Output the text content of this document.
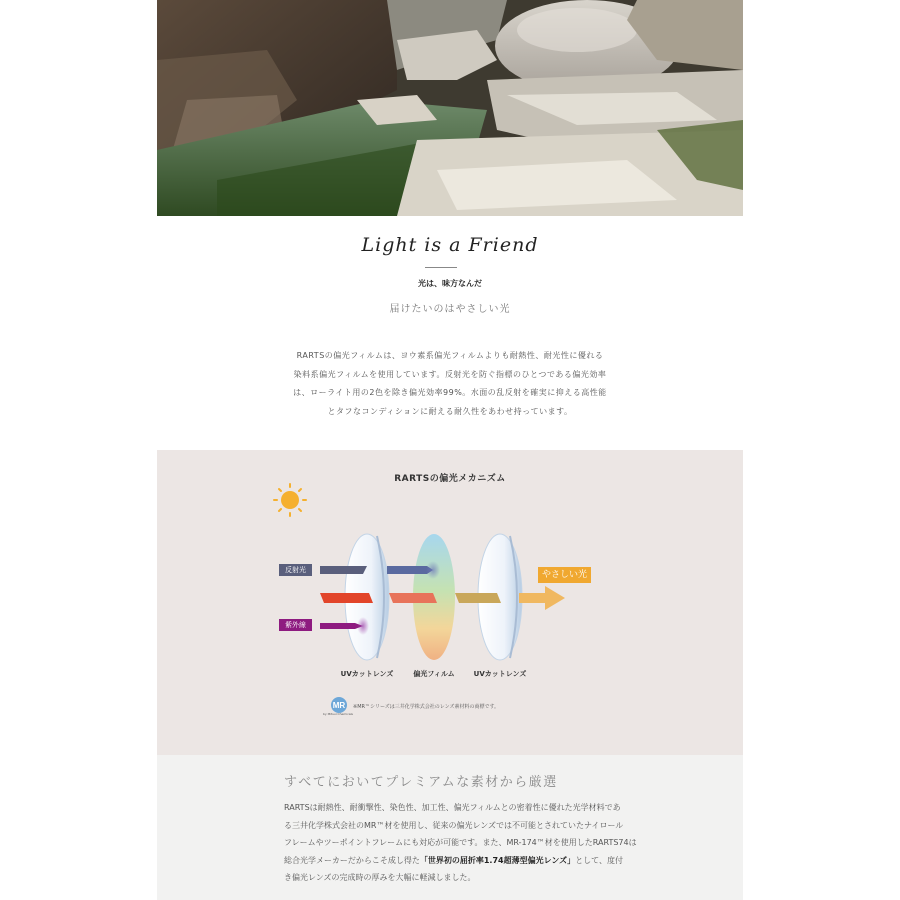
Light is a Friend
光は、味方なんだ
届けたいのはやさしい光
RARTSの偏光フィルムは、ヨウ素系偏光フィルムよりも耐熱性、耐光性に優れる
染料系偏光フィルムを使用しています。反射光を防ぐ指標のひとつである偏光効率
は、ローライト用の2色を除き偏光効率99%。水面の乱反射を確実に抑える高性能
とタフなコンディションに耐える耐久性をあわせ持っています。
RARTSの偏光メカニズム
反射光
紫外線
やさしい光
UVカットレンズ	偏光フィルム	UVカットレンズ
MR
by Mitsui Chemicals
※MR™シリーズは三井化学株式会社のレンズ素材料の商標です。
すべてにおいてプレミアムな素材から厳選
RARTSは耐熱性、耐衝撃性、染色性、加工性、偏光フィルムとの密着性に優れた光学材料であ
る三井化学株式会社のMR™材を使用し、従来の偏光レンズでは不可能とされていたナイロール
フレームやツーポイントフレームにも対応が可能です。また、MR-174™材を使用したRARTS74は
総合光学メーカーだからこそ成し得た「世界初の屈折率1.74超薄型偏光レンズ」として、度付
き偏光レンズの完成時の厚みを大幅に軽減しました。
